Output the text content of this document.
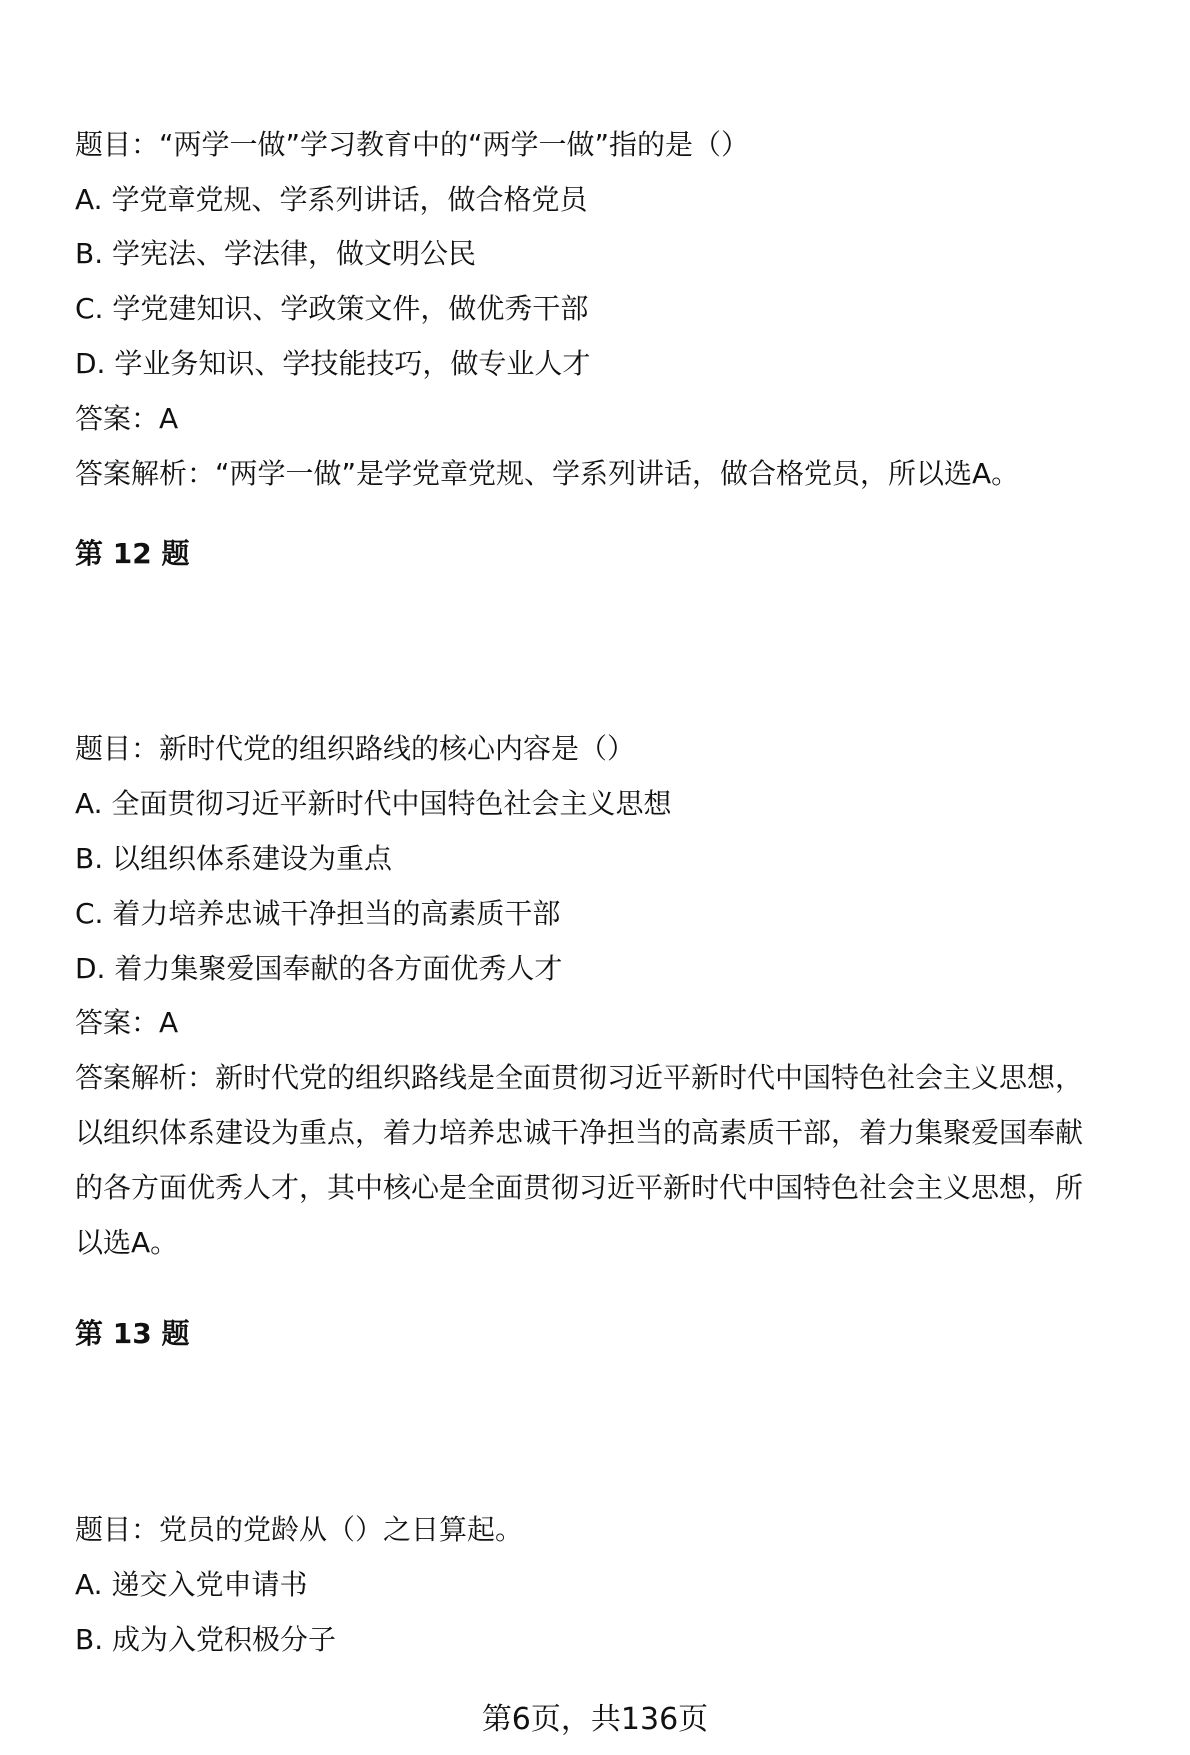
题目：“两学一做”学习教育中的“两学一做”指的是（）
A. 学党章党规、学系列讲话，做合格党员
B. 学宪法、学法律，做文明公民
C. 学党建知识、学政策文件，做优秀干部
D. 学业务知识、学技能技巧，做专业人才
答案：A
答案解析：“两学一做”是学党章党规、学系列讲话，做合格党员，所以选A。
第 12 题
题目：新时代党的组织路线的核心内容是（）
A. 全面贯彻习近平新时代中国特色社会主义思想
B. 以组织体系建设为重点
C. 着力培养忠诚干净担当的高素质干部
D. 着力集聚爱国奉献的各方面优秀人才
答案：A
答案解析：新时代党的组织路线是全面贯彻习近平新时代中国特色社会主义思想，
以组织体系建设为重点，着力培养忠诚干净担当的高素质干部，着力集聚爱国奉献
的各方面优秀人才，其中核心是全面贯彻习近平新时代中国特色社会主义思想，所
以选A。
第 13 题
题目：党员的党龄从（）之日算起。
A. 递交入党申请书
B. 成为入党积极分子
第6页，共136页
